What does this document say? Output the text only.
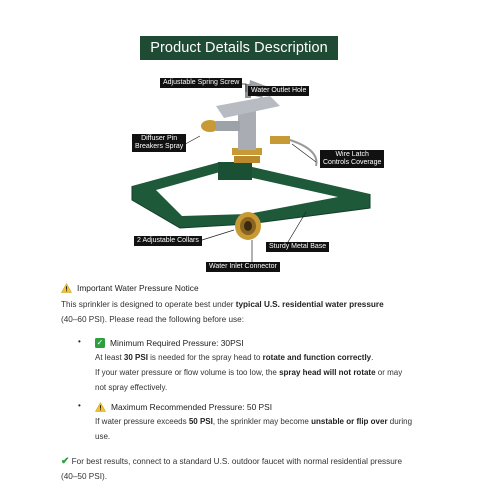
Product Details Description
Adjustable Spring Screw
Water Outlet Hole
Diffuser Pin
Breakers Spray
Wire Latch
Controls Coverage
2 Adjustable Collars
Sturdy Metal Base
Water Inlet Connector
Important Water Pressure Notice
This sprinkler is designed to operate best under typical U.S. residential water pressure
(40–60 PSI). Please read the following before use:
• ✓ Minimum Required Pressure: 30PSI
At least 30 PSI is needed for the spray head to rotate and function correctly.
If your water pressure or flow volume is too low, the spray head will not rotate or may
not spray effectively.
•	Maximum Recommended Pressure: 50 PSI
If water pressure exceeds 50 PSI, the sprinkler may become unstable or flip over during
use.
✔ For best results, connect to a standard U.S. outdoor faucet with normal residential pressure
(40–50 PSI).
